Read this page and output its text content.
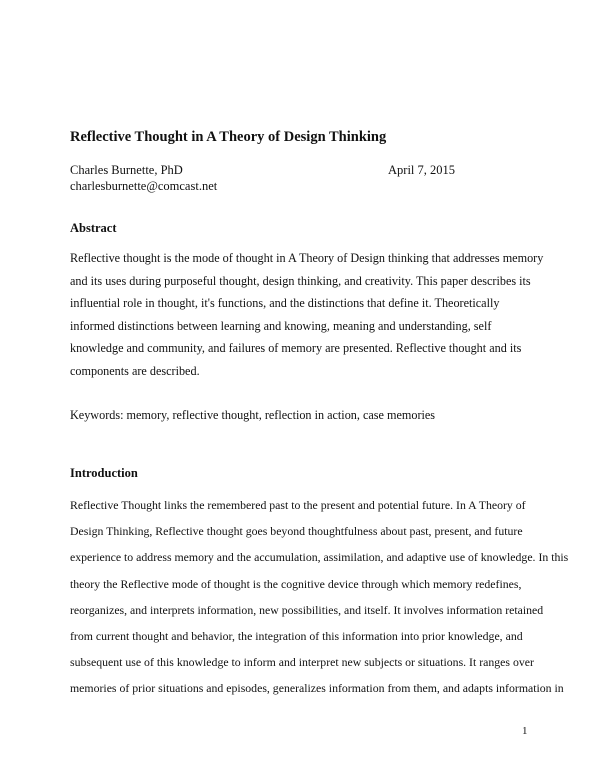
Reflective Thought in A Theory of Design Thinking
Charles Burnette, PhD	April 7, 2015
charlesburnette@comcast.net
Abstract
Reflective thought is the mode of thought in A Theory of Design thinking that addresses memory
and its uses during purposeful thought, design thinking, and creativity. This paper describes its
influential role in thought, it's functions, and the distinctions that define it. Theoretically
informed distinctions between learning and knowing, meaning and understanding, self
knowledge and community, and failures of memory are presented. Reflective thought and its
components are described.
Keywords: memory, reflective thought, reflection in action, case memories
Introduction
Reflective Thought links the remembered past to the present and potential future. In A Theory of
Design Thinking, Reflective thought goes beyond thoughtfulness about past, present, and future
experience to address memory and the accumulation, assimilation, and adaptive use of knowledge. In this
theory the Reflective mode of thought is the cognitive device through which memory redefines,
reorganizes, and interprets information, new possibilities, and itself. It involves information retained
from current thought and behavior, the integration of this information into prior knowledge, and
subsequent use of this knowledge to inform and interpret new subjects or situations. It ranges over
memories of prior situations and episodes, generalizes information from them, and adapts information in
1
